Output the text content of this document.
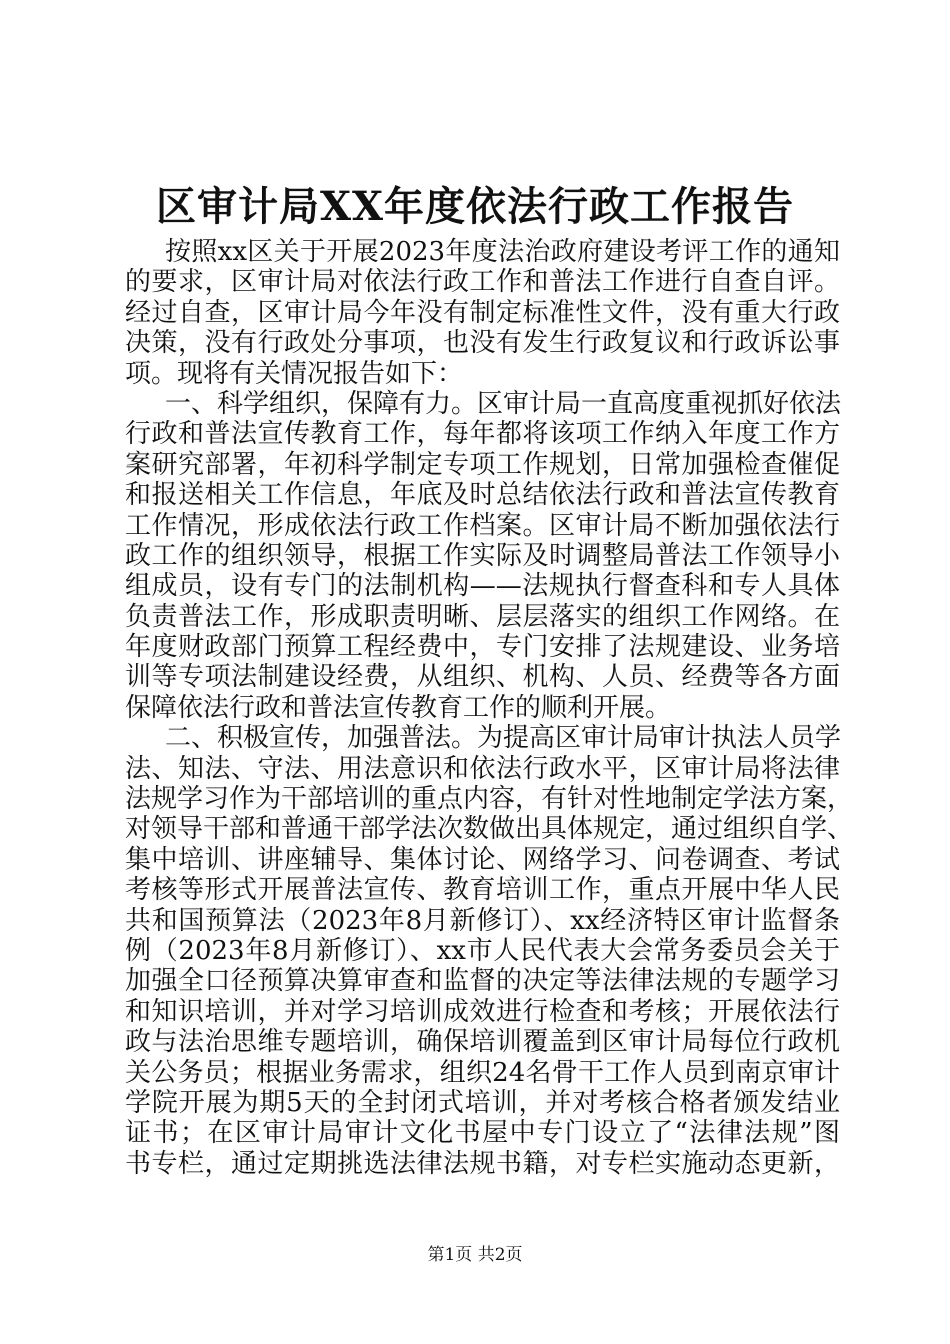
区审计局XX年度依法行政工作报告
按照xx区关于开展2023年度法治政府建设考评工作的通知
的要求，区审计局对依法行政工作和普法工作进行自查自评。
经过自查，区审计局今年没有制定标准性文件，没有重大行政
决策，没有行政处分事项，也没有发生行政复议和行政诉讼事
项。现将有关情况报告如下：
一、科学组织，保障有力。区审计局一直高度重视抓好依法
行政和普法宣传教育工作，每年都将该项工作纳入年度工作方
案研究部署，年初科学制定专项工作规划，日常加强检查催促
和报送相关工作信息，年底及时总结依法行政和普法宣传教育
工作情况，形成依法行政工作档案。区审计局不断加强依法行
政工作的组织领导，根据工作实际及时调整局普法工作领导小
组成员，设有专门的法制机构——法规执行督查科和专人具体
负责普法工作，形成职责明晰、层层落实的组织工作网络。在
年度财政部门预算工程经费中，专门安排了法规建设、业务培
训等专项法制建设经费，从组织、机构、人员、经费等各方面
保障依法行政和普法宣传教育工作的顺利开展。
二、积极宣传，加强普法。为提高区审计局审计执法人员学
法、知法、守法、用法意识和依法行政水平，区审计局将法律
法规学习作为干部培训的重点内容，有针对性地制定学法方案，
对领导干部和普通干部学法次数做出具体规定，通过组织自学、
集中培训、讲座辅导、集体讨论、网络学习、问卷调查、考试
考核等形式开展普法宣传、教育培训工作，重点开展中华人民
共和国预算法（2023年8月新修订）、xx经济特区审计监督条
例（2023年8月新修订）、xx市人民代表大会常务委员会关于
加强全口径预算决算审查和监督的决定等法律法规的专题学习
和知识培训，并对学习培训成效进行检查和考核；开展依法行
政与法治思维专题培训，确保培训覆盖到区审计局每位行政机
关公务员；根据业务需求，组织24名骨干工作人员到南京审计
学院开展为期5天的全封闭式培训，并对考核合格者颁发结业
证书；在区审计局审计文化书屋中专门设立了“法律法规”图
书专栏，通过定期挑选法律法规书籍，对专栏实施动态更新，
第1页 共2页
